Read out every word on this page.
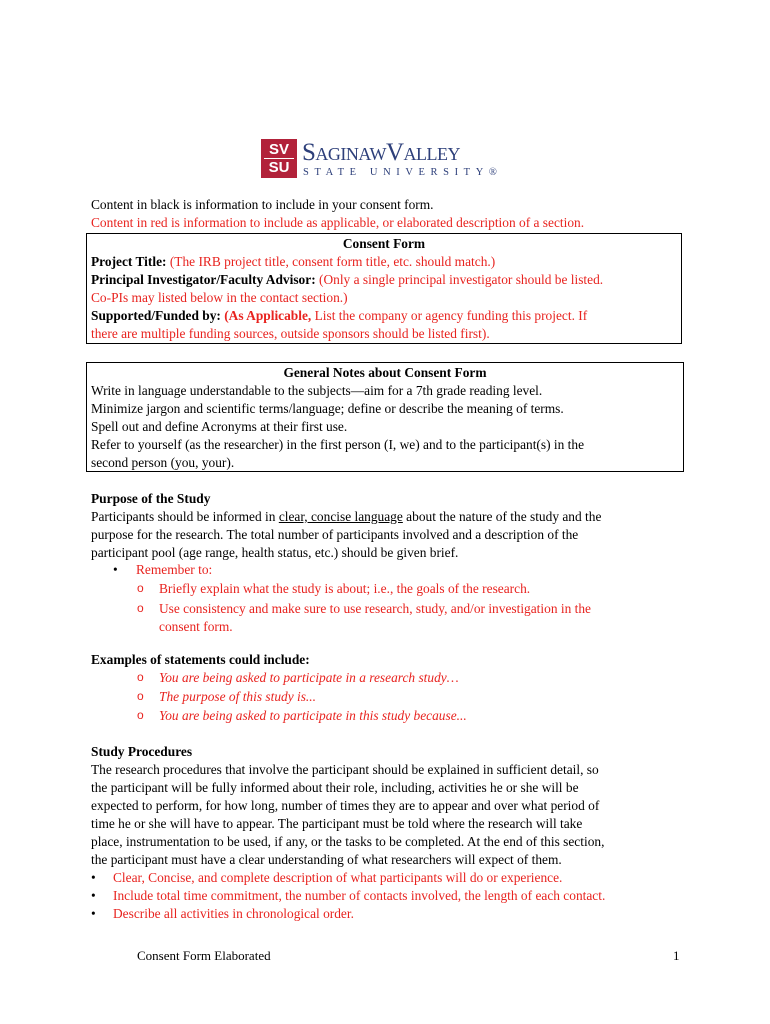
SV
SU
SaginawValley
STATE UNIVERSITY®
Content in black is information to include in your consent form.
Content in red is information to include as applicable, or elaborated description of a section.
Consent Form
Project Title: (The IRB project title, consent form title, etc. should match.)
Principal Investigator/Faculty Advisor: (Only a single principal investigator should be listed.
Co-PIs may listed below in the contact section.)
Supported/Funded by: (As Applicable, List the company or agency funding this project. If
there are multiple funding sources, outside sponsors should be listed first).
General Notes about Consent Form
Write in language understandable to the subjects—aim for a 7th grade reading level.
Minimize jargon and scientific terms/language; define or describe the meaning of terms.
Spell out and define Acronyms at their first use.
Refer to yourself (as the researcher) in the first person (I, we) and to the participant(s) in the
second person (you, your).
Purpose of the Study
Participants should be informed in clear, concise language about the nature of the study and the
purpose for the research. The total number of participants involved and a description of the
participant pool (age range, health status, etc.) should be given brief.
• Remember to:
o Briefly explain what the study is about; i.e., the goals of the research.
o Use consistency and make sure to use research, study, and/or investigation in the
consent form.
Examples of statements could include:
o You are being asked to participate in a research study…
o The purpose of this study is...
o You are being asked to participate in this study because...
Study Procedures
The research procedures that involve the participant should be explained in sufficient detail, so
the participant will be fully informed about their role, including, activities he or she will be
expected to perform, for how long, number of times they are to appear and over what period of
time he or she will have to appear. The participant must be told where the research will take
place, instrumentation to be used, if any, or the tasks to be completed. At the end of this section,
the participant must have a clear understanding of what researchers will expect of them.
• Clear, Concise, and complete description of what participants will do or experience.
• Include total time commitment, the number of contacts involved, the length of each contact.
• Describe all activities in chronological order.
Consent Form Elaborated	1
